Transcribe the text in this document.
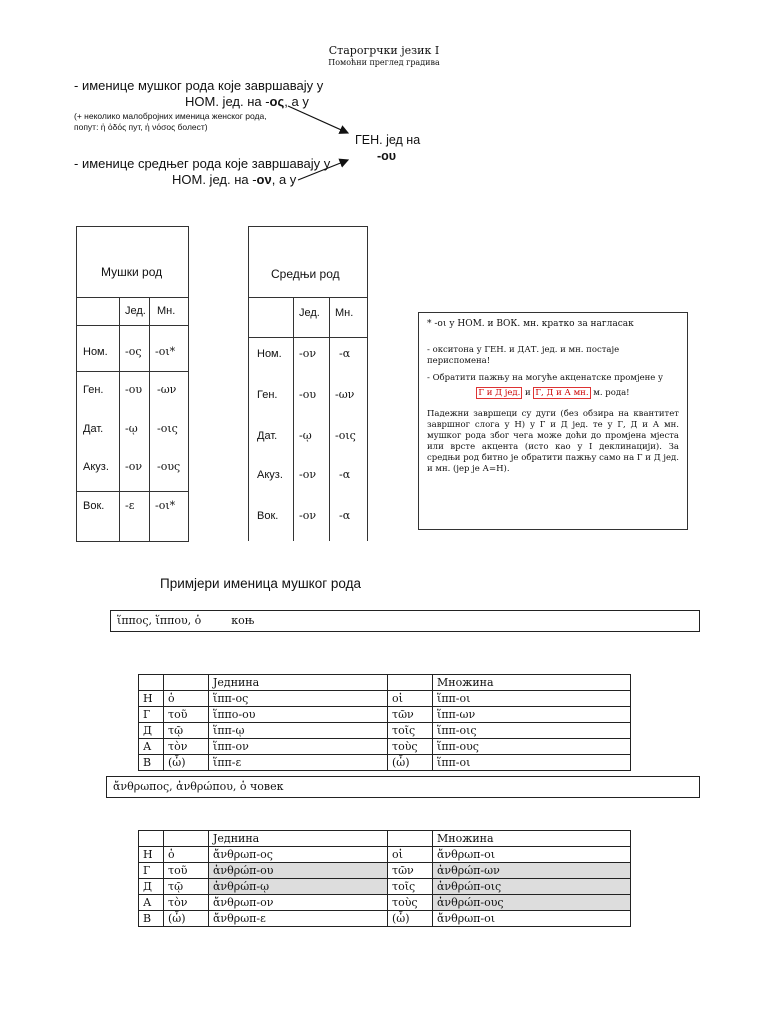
Старогрчки језик I
Помоћни преглед градива
- именице мушког рода које завршавају у
НОМ. јед. на -ος, а у
(+ неколико малобројних именица женског рода,
попут: ἡ ὁδός пут, ἡ νόσος болест)
- именице средњег рода које завршавају у
НОМ. јед. на -ον, а у
ГЕН. јед на
-ου
Мушки род
Јед. Мн.
Ном. -ος -οι*
Ген. -ου -ων
Дат. -ῳ -οις
Акуз. -ον -ους
Вок. -ε -οι*
Средњи род
Јед. Мн.
Ном. -ον -α
Ген. -ου -ων
Дат. -ῳ -οις
Акуз. -ον -α
Вок. -ον -α

* -οι у НОМ. и ВОК. мн. кратко за нагласак

- окситона у ГЕН. и ДАТ. јед. и мн. постаје периспомена!

- Обратити пажњу на могуће акценатске промјене у

Г и Д јед. и Г, Д и А мн. м. рода!

Падежни завршеци су дуги (без обзира на квантитет завршног слога у Н) у Г и Д јед. те у Г, Д и А мн. мушког рода због чега може доћи до промјена мјеста или врсте акцента (исто као у I деклинацији). За средњи род битно је обратити пажњу само на Г и Д јед. и мн. (јер је А=Н).

Примјери именица мушког рода
ἵππος, ἵππου, ὁ	коњ
		Једнина		Множина
Н	ὁ	ἵππ-ος	οἱ	ἵππ-οι
Г	τοῦ	ἵππο-ου	τῶν	ἵππ-ων
Д	τῷ	ἵππ-ῳ	τοῖς	ἵππ-οις
А	τὸν	ἵππ-ον	τοὺς	ἵππ-ους
В	(ὦ)	ἵππ-ε	(ὦ)	ἵππ-οι
ἄνθρωπος, ἀνθρώπου, ὁ човек
		Једнина		Множина
Н	ὁ	ἄνθρωπ-ος	οἱ	ἄνθρωπ-οι
Г	τοῦ	ἀνθρώπ-ου	τῶν	ἀνθρώπ-ων
Д	τῷ	ἀνθρώπ-ῳ	τοῖς	ἀνθρώπ-οις
А	τὸν	ἄνθρωπ-ον	τοὺς	ἀνθρώπ-ους
В	(ὦ)	ἄνθρωπ-ε	(ὦ)	ἄνθρωπ-οι
